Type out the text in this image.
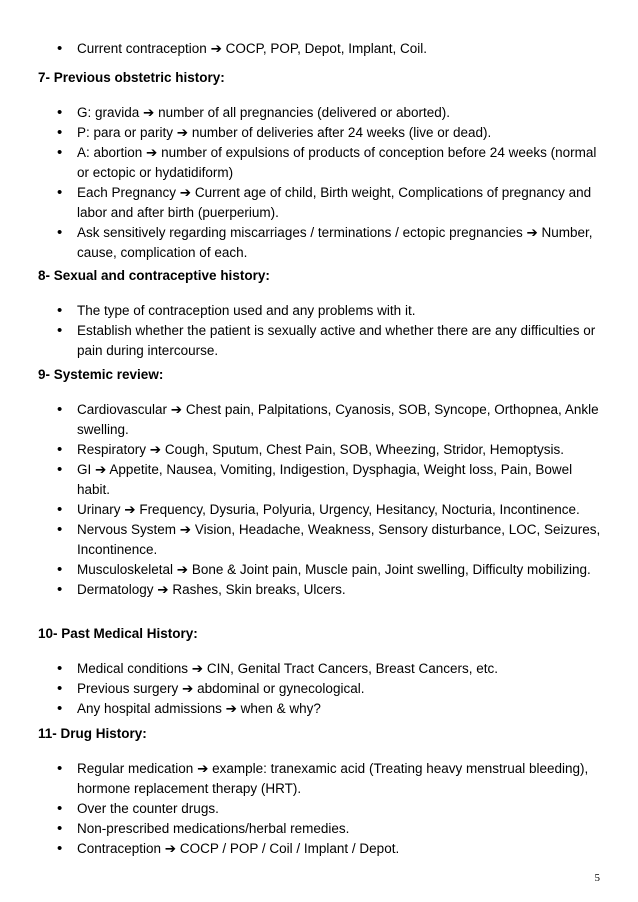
• Current contraception ➔ COCP, POP, Depot, Implant, Coil.

7- Previous obstetric history:

• G: gravida ➔ number of all pregnancies (delivered or aborted).
• P: para or parity ➔ number of deliveries after 24 weeks (live or dead).
• A: abortion ➔ number of expulsions of products of conception before 24 weeks (normal or ectopic or hydatidiform)
• Each Pregnancy ➔ Current age of child, Birth weight, Complications of pregnancy and labor and after birth (puerperium).
• Ask sensitively regarding miscarriages / terminations / ectopic pregnancies ➔ Number, cause, complication of each.

8- Sexual and contraceptive history:

• The type of contraception used and any problems with it.
• Establish whether the patient is sexually active and whether there are any difficulties or pain during intercourse.

9- Systemic review:

• Cardiovascular ➔ Chest pain, Palpitations, Cyanosis, SOB, Syncope, Orthopnea, Ankle swelling.
• Respiratory ➔ Cough, Sputum, Chest Pain, SOB, Wheezing, Stridor, Hemoptysis.
• GI ➔ Appetite, Nausea, Vomiting, Indigestion, Dysphagia, Weight loss, Pain, Bowel habit.
• Urinary ➔ Frequency, Dysuria, Polyuria, Urgency, Hesitancy, Nocturia, Incontinence.
• Nervous System ➔ Vision, Headache, Weakness, Sensory disturbance, LOC, Seizures, Incontinence.
• Musculoskeletal ➔ Bone & Joint pain, Muscle pain, Joint swelling, Difficulty mobilizing.
• Dermatology ➔ Rashes, Skin breaks, Ulcers.

10- Past Medical History:

• Medical conditions ➔ CIN, Genital Tract Cancers, Breast Cancers, etc.
• Previous surgery ➔ abdominal or gynecological.
• Any hospital admissions ➔ when & why?

11- Drug History:

• Regular medication ➔ example: tranexamic acid (Treating heavy menstrual bleeding), hormone replacement therapy (HRT).
• Over the counter drugs.
• Non-prescribed medications/herbal remedies.
• Contraception ➔ COCP / POP / Coil / Implant / Depot.
5
